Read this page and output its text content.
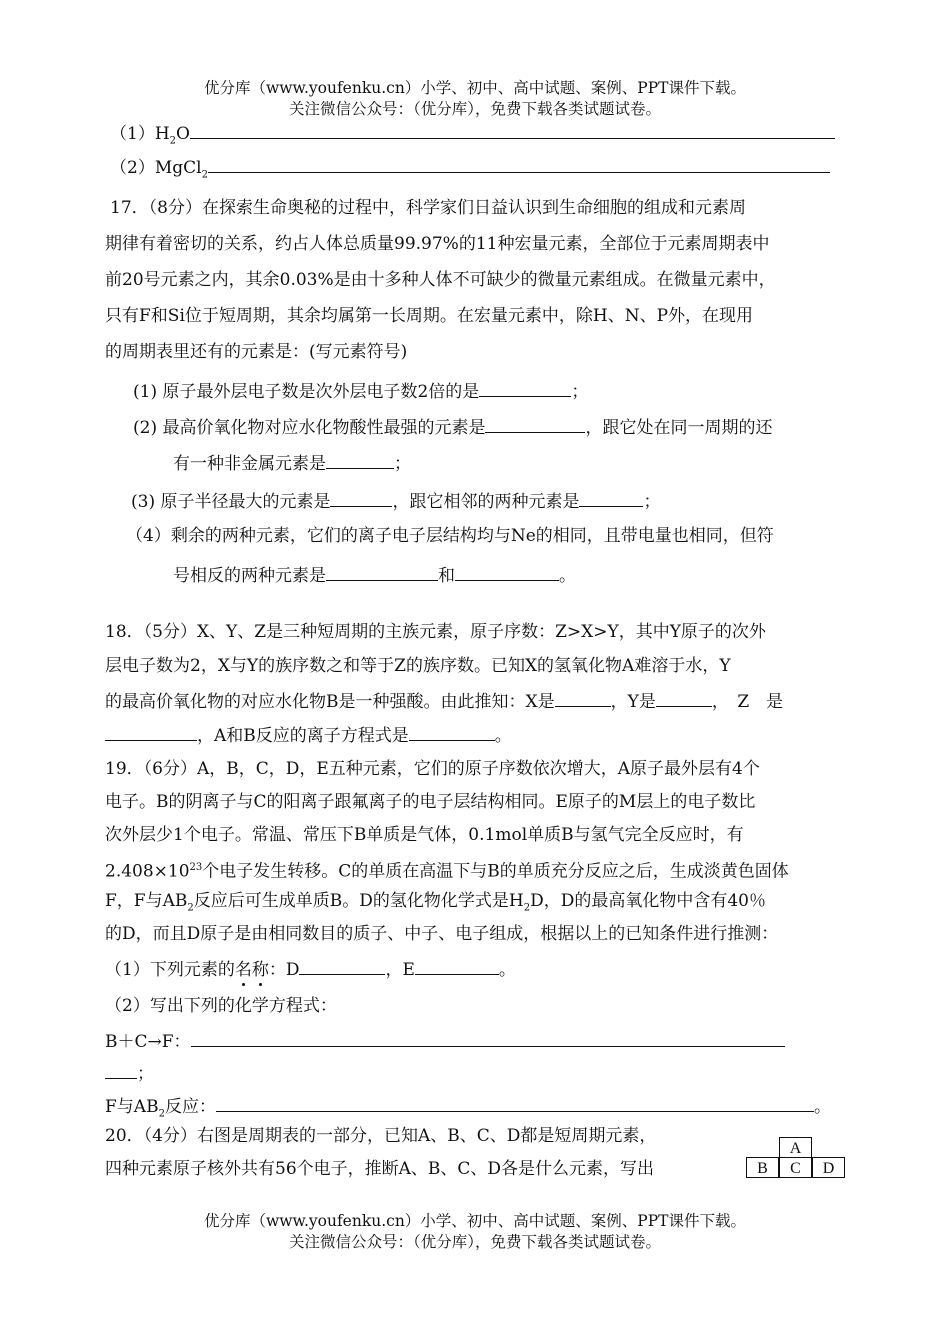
优分库（www.youfenku.cn）小学、初中、高中试题、案例、PPT课件下载。
关注微信公众号：（优分库），免费下载各类试题试卷。
$(1)H_2O$
（2）MgCl$_2$
17．（8分）在探索生命奥秘的过程中，科学家们日益认识到生命细胞的组成和元素周
期律有着密切的关系，约占人体总质量99.97%的11种宏量元素，全部位于元素周期表中
前20号元素之内，其余0.03%是由十多种人体不可缺少的微量元素组成。在微量元素中，
只有F和Si位于短周期，其余均属第一长周期。在宏量元素中，除H、N、P外，在现用
的周期表里还有的元素是：(写元素符号)
(1) 原子最外层电子数是次外层电子数2倍的是	；
(2) 最高价氧化物对应水化物酸性最强的元素是	，跟它处在同一周期的还
有一种非金属元素是	；
(3) 原子半径最大的元素是	，跟它相邻的两种元素是	；
（4）剩余的两种元素，它们的离子电子层结构均与Ne的相同，且带电量也相同，但符
号相反的两种元素是	和	。
18．（5分）X、Y、Z是三种短周期的主族元素，原子序数：Z>X>Y，其中Y原子的次外
层电子数为2，X与Y的族序数之和等于Z的族序数。已知X的氢氧化物A难溶于水，Y
的最高价氧化物的对应水化物B是一种强酸。由此推知：X是	，Y是	，　Z　是
，A和B反应的离子方程式是	。
19．（6分）A，B，C，D，E五种元素，它们的原子序数依次增大，A原子最外层有4个
电子。B的阴离子与C的阳离子跟氟离子的电子层结构相同。E原子的M层上的电子数比
次外层少1个电子。常温、常压下B单质是气体，0.1mol单质B与氢气完全反应时，有
$2.408\times 10^{23}$个电子发生转移。C的单质在高温下与B的单质充分反应之后，生成淡黄色固体
F，F与$AB_2$反应后可生成单质B。D的氢化物化学式是$H_2D$，D的最高氧化物中含有40％
的D，而且D原子是由相同数目的质子、中子、电子组成，根据以上的已知条件进行推测：
（1）下列元素的名称：D	，E	。
（2）写出下列的化学方程式：
B＋C→F：
；
F与$AB_2$反应：	。
20．（4分）右图是周期表的一部分，已知A、B、C、D都是短周期元素，
四种元素原子核外共有56个电子，推断A、B、C、D各是什么元素，写出
A
B	C	D
优分库（www.youfenku.cn）小学、初中、高中试题、案例、PPT课件下载。
关注微信公众号：（优分库），免费下载各类试题试卷。
